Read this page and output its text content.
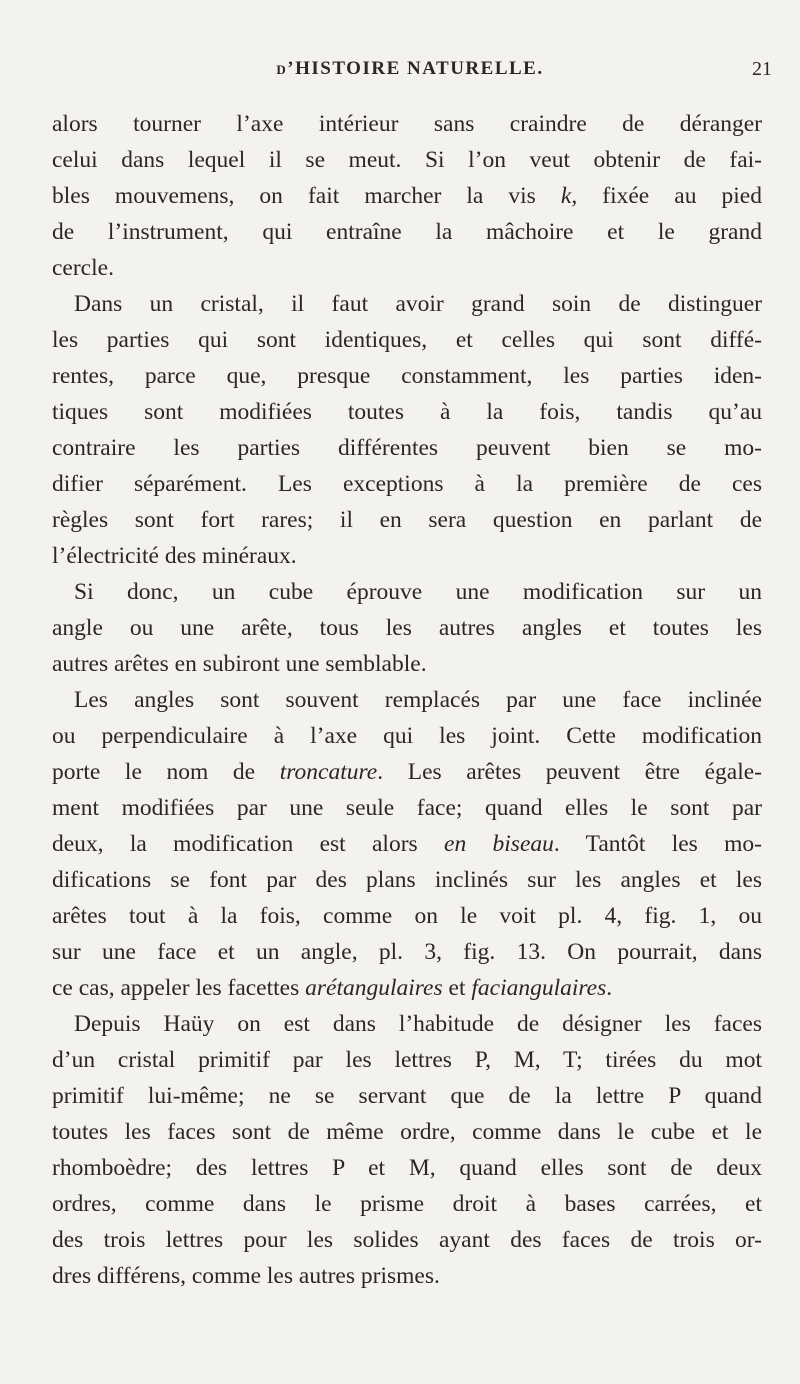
d’HISTOIRE NATURELLE.	21
alors tourner l’axe intérieur sans craindre de déranger
celui dans lequel il se meut. Si l’on veut obtenir de fai-
bles mouvemens, on fait marcher la vis k, fixée au pied
de l’instrument, qui entraîne la mâchoire et le grand
cercle.
Dans un cristal, il faut avoir grand soin de distinguer
les parties qui sont identiques, et celles qui sont diffé-
rentes, parce que, presque constamment, les parties iden-
tiques sont modifiées toutes à la fois, tandis qu’au
contraire les parties différentes peuvent bien se mo-
difier séparément. Les exceptions à la première de ces
règles sont fort rares; il en sera question en parlant de
l’électricité des minéraux.
Si donc, un cube éprouve une modification sur un
angle ou une arête, tous les autres angles et toutes les
autres arêtes en subiront une semblable.
Les angles sont souvent remplacés par une face inclinée
ou perpendiculaire à l’axe qui les joint. Cette modification
porte le nom de troncature. Les arêtes peuvent être égale-
ment modifiées par une seule face; quand elles le sont par
deux, la modification est alors en biseau. Tantôt les mo-
difications se font par des plans inclinés sur les angles et les
arêtes tout à la fois, comme on le voit pl. 4, fig. 1, ou
sur une face et un angle, pl. 3, fig. 13. On pourrait, dans
ce cas, appeler les facettes arétangulaires et faciangulaires.
Depuis Haüy on est dans l’habitude de désigner les faces
d’un cristal primitif par les lettres P, M, T; tirées du mot
primitif lui-même; ne se servant que de la lettre P quand
toutes les faces sont de même ordre, comme dans le cube et le
rhomboèdre; des lettres P et M, quand elles sont de deux
ordres, comme dans le prisme droit à bases carrées, et
des trois lettres pour les solides ayant des faces de trois or-
dres différens, comme les autres prismes.
